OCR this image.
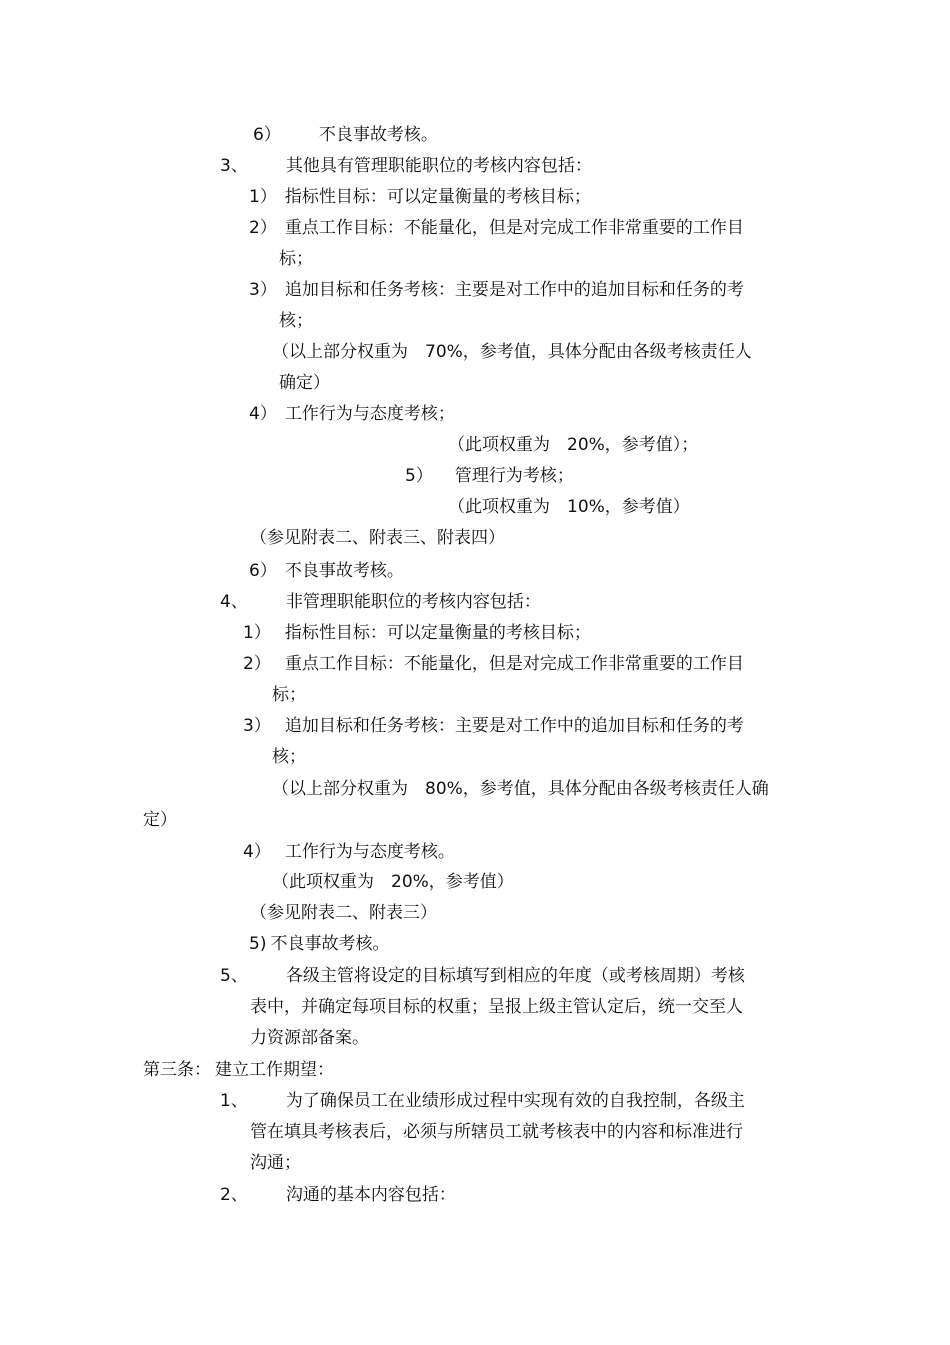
6） 不良事故考核。
3、 其他具有管理职能职位的考核内容包括：
1） 指标性目标：可以定量衡量的考核目标；
2） 重点工作目标：不能量化，但是对完成工作非常重要的工作目
标；
3） 追加目标和任务考核：主要是对工作中的追加目标和任务的考
核；
（以上部分权重为　70%，参考值，具体分配由各级考核责任人
确定）
4） 工作行为与态度考核；
（此项权重为　20%，参考值）；
5） 管理行为考核；
（此项权重为　10%，参考值）
（参见附表二、附表三、附表四）
6） 不良事故考核。
4、 非管理职能职位的考核内容包括：
1） 指标性目标：可以定量衡量的考核目标；
2） 重点工作目标：不能量化，但是对完成工作非常重要的工作目
标；
3） 追加目标和任务考核：主要是对工作中的追加目标和任务的考
核；
（以上部分权重为　80%，参考值，具体分配由各级考核责任人确
定）
4） 工作行为与态度考核。
（此项权重为　20%，参考值）
（参见附表二、附表三）
5) 不良事故考核。
5、 各级主管将设定的目标填写到相应的年度（或考核周期）考核
表中，并确定每项目标的权重；呈报上级主管认定后，统一交至人
力资源部备案。
第三条： 建立工作期望：
1、 为了确保员工在业绩形成过程中实现有效的自我控制，各级主
管在填具考核表后，必须与所辖员工就考核表中的内容和标准进行
沟通；
2、 沟通的基本内容包括：
